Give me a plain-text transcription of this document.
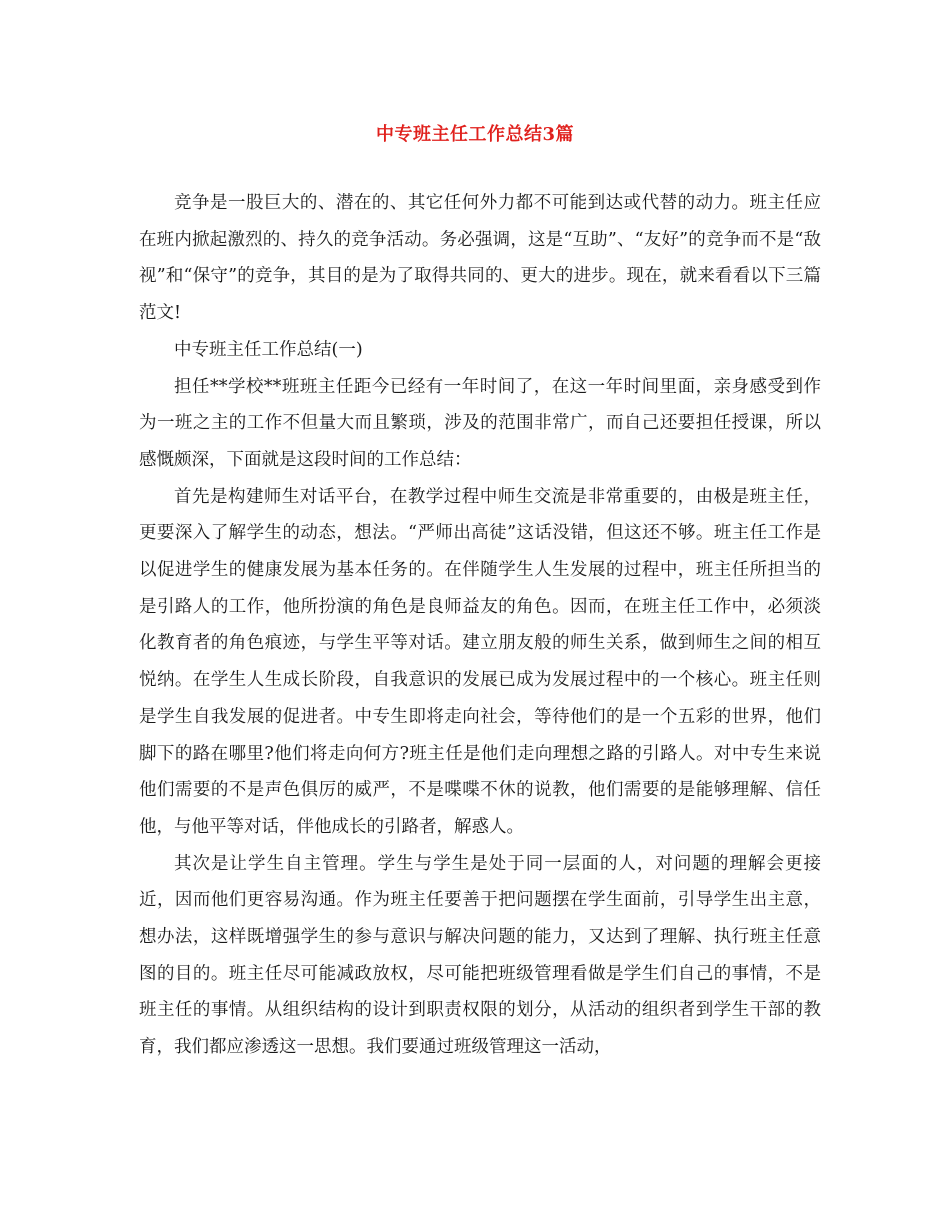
中专班主任工作总结3篇

竞争是一股巨大的、潜在的、其它任何外力都不可能到达或代替的动力。班主任应在班内掀起激烈的、持久的竞争活动。务必强调，这是“互助”、“友好”的竞争而不是“敌视”和“保守”的竞争，其目的是为了取得共同的、更大的进步。现在，就来看看以下三篇范文!

中专班主任工作总结(一)

担任**学校**班班主任距今已经有一年时间了，在这一年时间里面，亲身感受到作为一班之主的工作不但量大而且繁琐，涉及的范围非常广，而自己还要担任授课，所以感慨颇深，下面就是这段时间的工作总结：

首先是构建师生对话平台，在教学过程中师生交流是非常重要的，由极是班主任，更要深入了解学生的动态，想法。“严师出高徒”这话没错，但这还不够。班主任工作是以促进学生的健康发展为基本任务的。在伴随学生人生发展的过程中，班主任所担当的是引路人的工作，他所扮演的角色是良师益友的角色。因而，在班主任工作中，必须淡化教育者的角色痕迹，与学生平等对话。建立朋友般的师生关系，做到师生之间的相互悦纳。在学生人生成长阶段，自我意识的发展已成为发展过程中的一个核心。班主任则是学生自我发展的促进者。中专生即将走向社会，等待他们的是一个五彩的世界，他们脚下的路在哪里?他们将走向何方?班主任是他们走向理想之路的引路人。对中专生来说他们需要的不是声色俱厉的威严，不是喋喋不休的说教，他们需要的是能够理解、信任他，与他平等对话，伴他成长的引路者，解惑人。

其次是让学生自主管理。学生与学生是处于同一层面的人，对问题的理解会更接近，因而他们更容易沟通。作为班主任要善于把问题摆在学生面前，引导学生出主意，想办法，这样既增强学生的参与意识与解决问题的能力，又达到了理解、执行班主任意图的目的。班主任尽可能减政放权，尽可能把班级管理看做是学生们自己的事情，不是班主任的事情。从组织结构的设计到职责权限的划分，从活动的组织者到学生干部的教育，我们都应渗透这一思想。我们要通过班级管理这一活动，
